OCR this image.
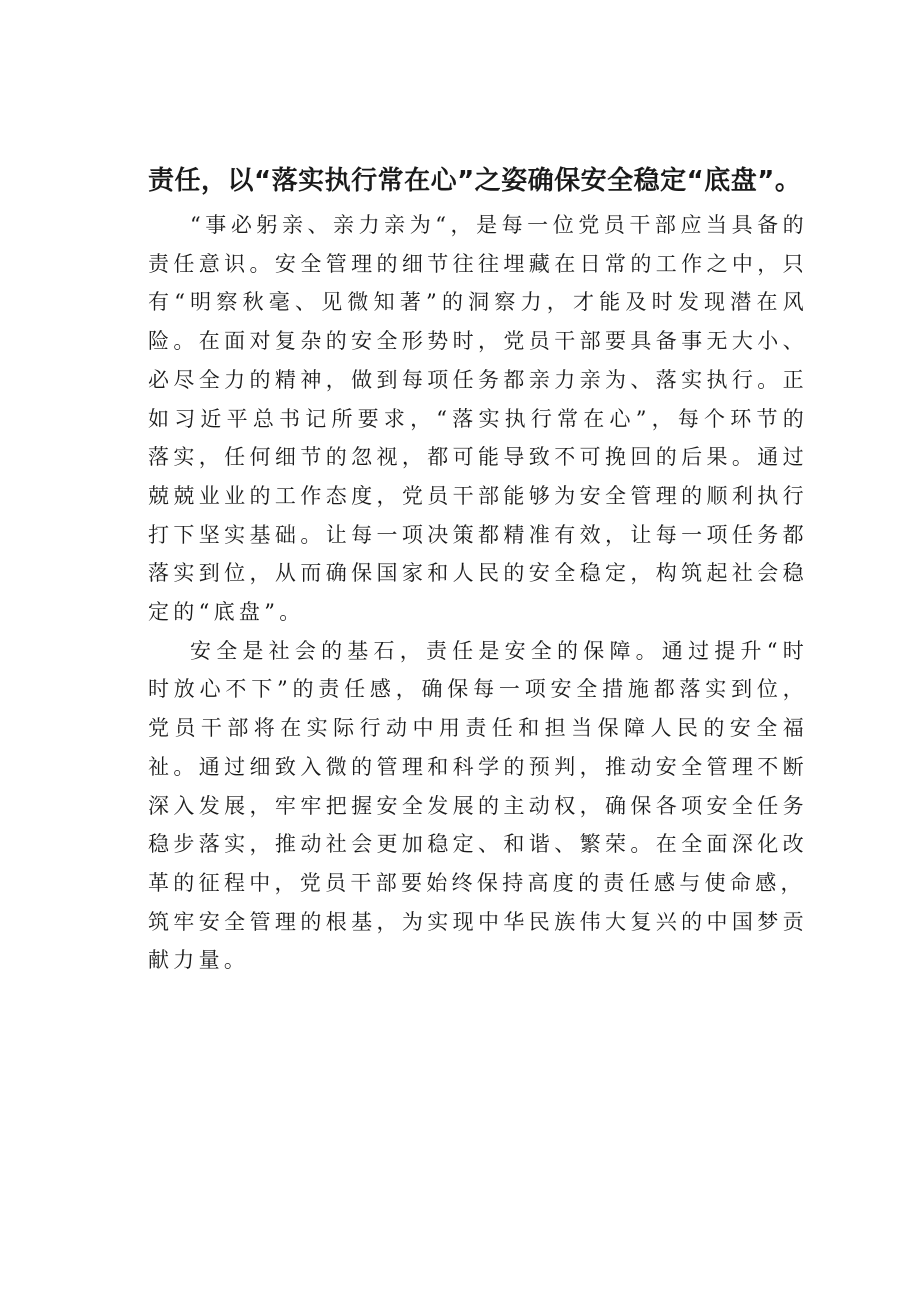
责任，以“落实执行常在心”之姿确保安全稳定“底盘”。

“事必躬亲、亲力亲为“，是每一位党员干部应当具备的责任意识。安全管理的细节往往埋藏在日常的工作之中，只有“明察秋毫、见微知著”的洞察力，才能及时发现潜在风险。在面对复杂的安全形势时，党员干部要具备事无大小、必尽全力的精神，做到每项任务都亲力亲为、落实执行。正如习近平总书记所要求，“落实执行常在心”，每个环节的落实，任何细节的忽视，都可能导致不可挽回的后果。通过兢兢业业的工作态度，党员干部能够为安全管理的顺利执行打下坚实基础。让每一项决策都精准有效，让每一项任务都落实到位，从而确保国家和人民的安全稳定，构筑起社会稳定的“底盘”。

安全是社会的基石，责任是安全的保障。通过提升“时时放心不下”的责任感，确保每一项安全措施都落实到位，党员干部将在实际行动中用责任和担当保障人民的安全福祉。通过细致入微的管理和科学的预判，推动安全管理不断深入发展，牢牢把握安全发展的主动权，确保各项安全任务稳步落实，推动社会更加稳定、和谐、繁荣。在全面深化改革的征程中，党员干部要始终保持高度的责任感与使命感，

筑牢安全管理的根基，为实现中华民族伟大复兴的中国梦贡献力量。
